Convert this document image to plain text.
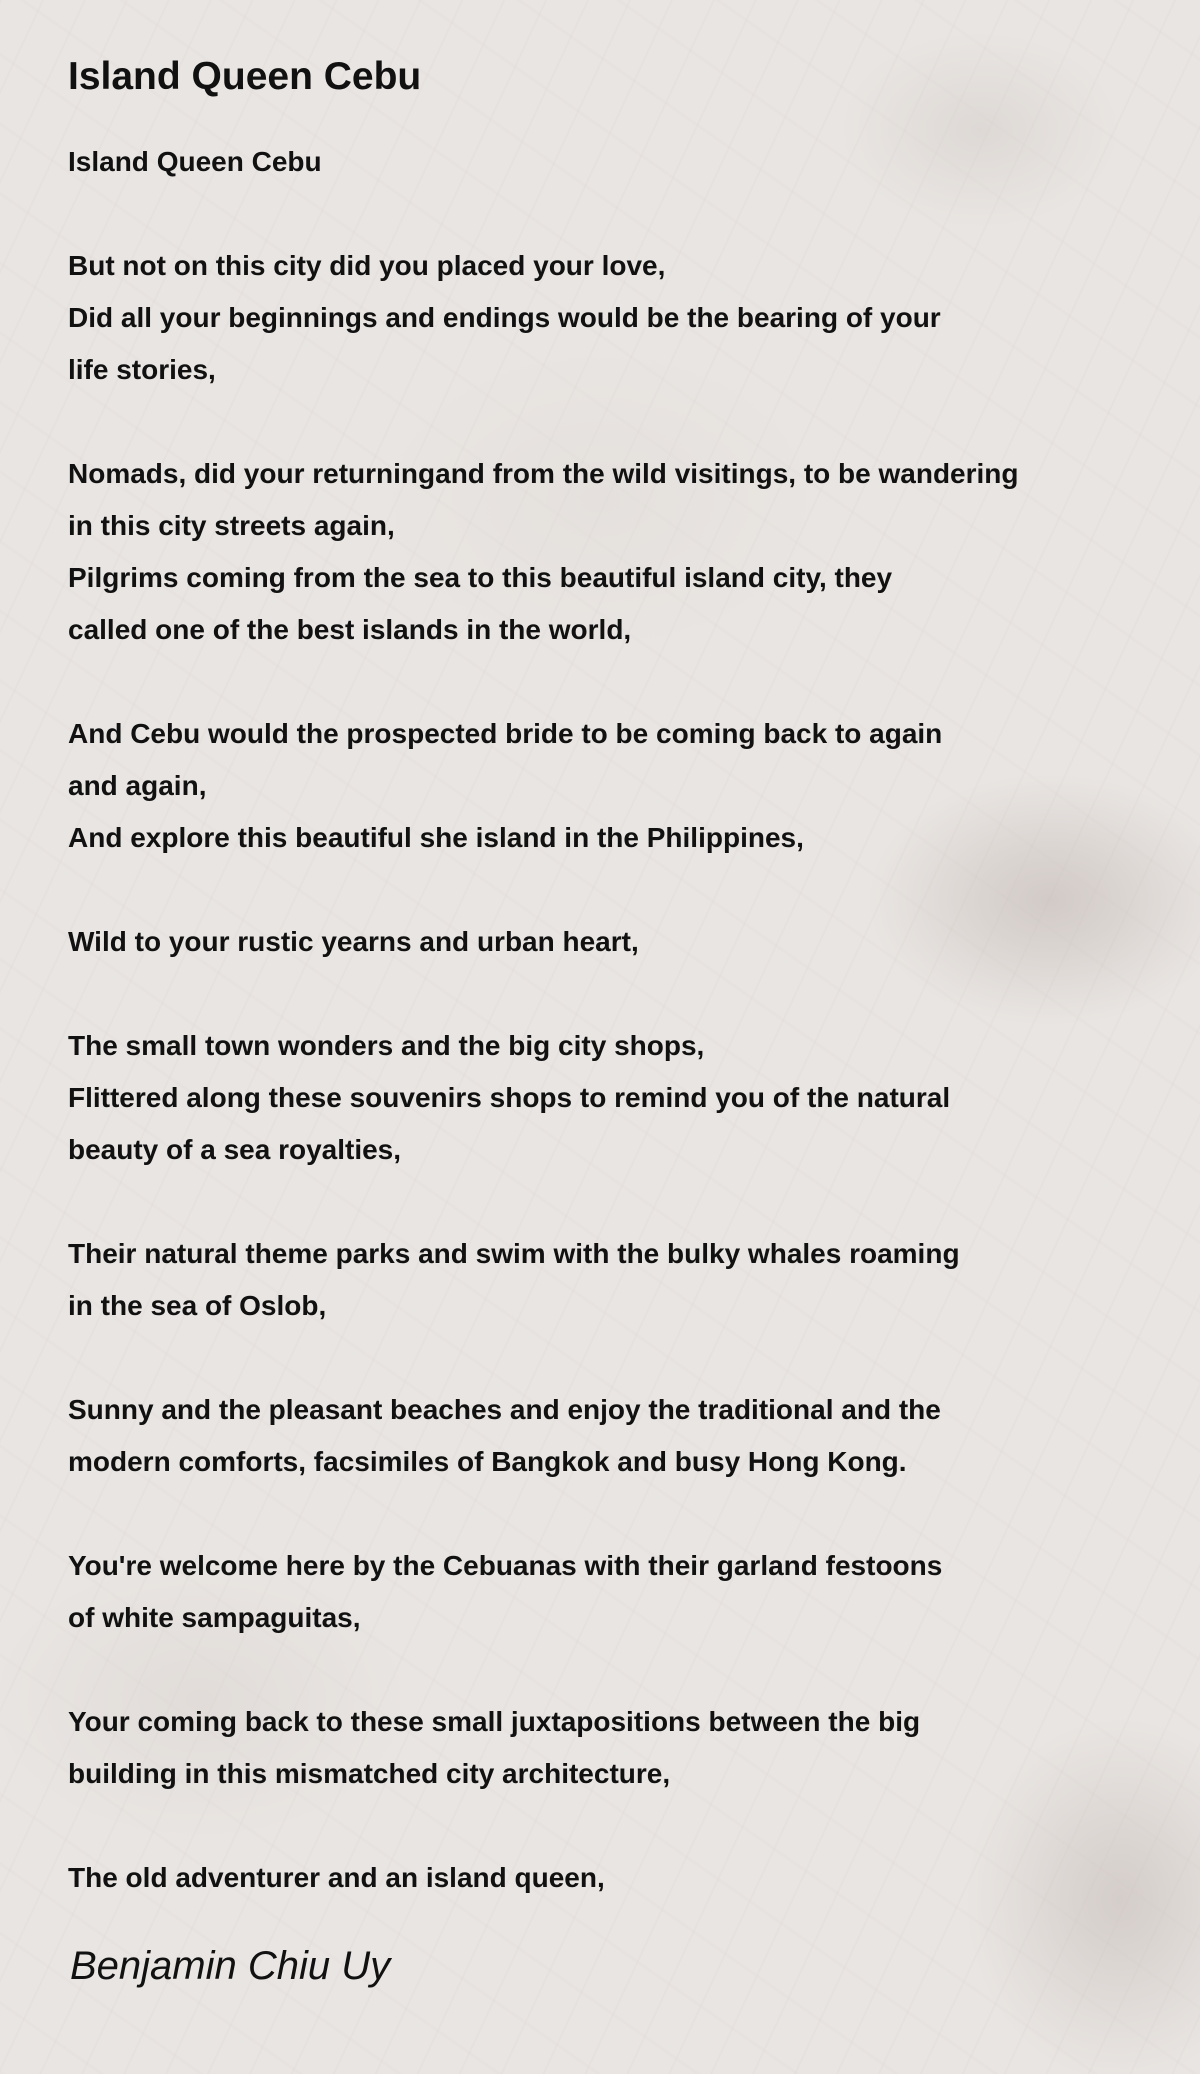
Island Queen Cebu

Island Queen Cebu

But not on this city did you placed your love,
Did all your beginnings and endings would be the bearing of your
life stories,
Nomads, did your returningand from the wild visitings, to be wandering
in this city streets again,
Pilgrims coming from the sea to this beautiful island city, they
called one of the best islands in the world,
And Cebu would the prospected bride to be coming back to again
and again,
And explore this beautiful she island in the Philippines,
Wild to your rustic yearns and urban heart,
The small town wonders and the big city shops,
Flittered along these souvenirs shops to remind you of the natural
beauty of a sea royalties,
Their natural theme parks and swim with the bulky whales roaming
in the sea of Oslob,
Sunny and the pleasant beaches and enjoy the traditional and the
modern comforts, facsimiles of Bangkok and busy Hong Kong.
You're welcome here by the Cebuanas with their garland festoons
of white sampaguitas,
Your coming back to these small juxtapositions between the big
building in this mismatched city architecture,
The old adventurer and an island queen,
Benjamin Chiu Uy
